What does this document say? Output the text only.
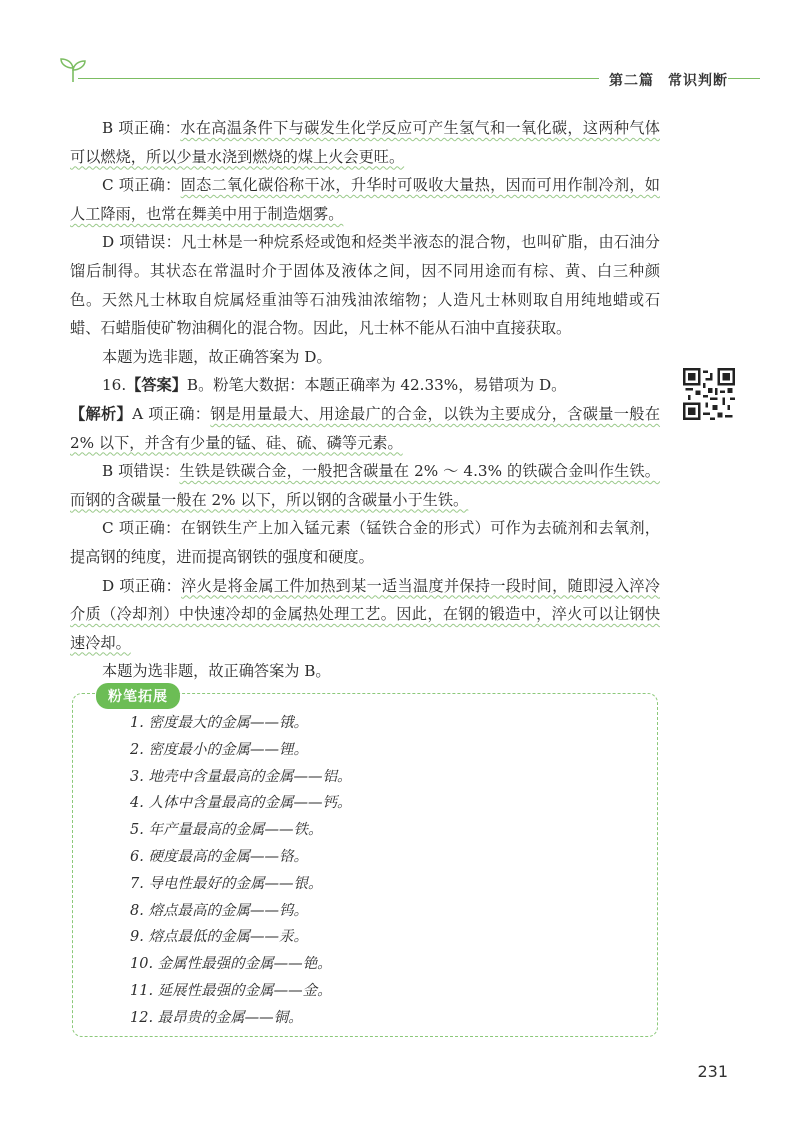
第二篇 常识判断

B 项正确：水在高温条件下与碳发生化学反应可产生氢气和一氧化碳，这两种气体可以燃烧，所以少量水浇到燃烧的煤上火会更旺。

C 项正确：固态二氧化碳俗称干冰，升华时可吸收大量热，因而可用作制冷剂，如人工降雨，也常在舞美中用于制造烟雾。

D 项错误：凡士林是一种烷系烃或饱和烃类半液态的混合物，也叫矿脂，由石油分馏后制得。其状态在常温时介于固体及液体之间，因不同用途而有棕、黄、白三种颜色。天然凡士林取自烷属烃重油等石油残油浓缩物；人造凡士林则取自用纯地蜡或石蜡、石蜡脂使矿物油稠化的混合物。因此，凡士林不能从石油中直接获取。

本题为选非题，故正确答案为 D。

16.【答案】B。粉笔大数据：本题正确率为 42.33%，易错项为 D。

【解析】A 项正确：钢是用量最大、用途最广的合金，以铁为主要成分，含碳量一般在 2% 以下，并含有少量的锰、硅、硫、磷等元素。

B 项错误：生铁是铁碳合金，一般把含碳量在 2% ～ 4.3% 的铁碳合金叫作生铁。而钢的含碳量一般在 2% 以下，所以钢的含碳量小于生铁。

C 项正确：在钢铁生产上加入锰元素（锰铁合金的形式）可作为去硫剂和去氧剂，提高钢的纯度，进而提高钢铁的强度和硬度。

D 项正确：淬火是将金属工件加热到某一适当温度并保持一段时间，随即浸入淬冷介质（冷却剂）中快速冷却的金属热处理工艺。因此，在钢的锻造中，淬火可以让钢快速冷却。

本题为选非题，故正确答案为 B。

粉笔拓展
1. 密度最大的金属——锇。
2. 密度最小的金属——锂。
3. 地壳中含量最高的金属——铝。
4. 人体中含量最高的金属——钙。
5. 年产量最高的金属——铁。
6. 硬度最高的金属——铬。
7. 导电性最好的金属——银。
8. 熔点最高的金属——钨。
9. 熔点最低的金属——汞。
10. 金属性最强的金属——铯。
11. 延展性最强的金属——金。
12. 最昂贵的金属——铜。
231
